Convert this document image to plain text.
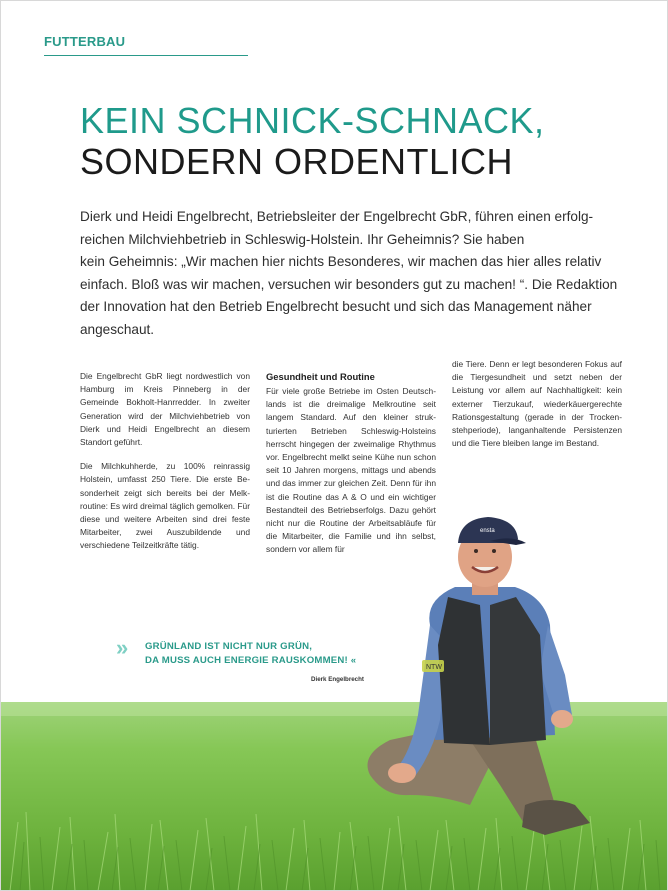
FUTTERBAU
KEIN SCHNICK-SCHNACK,
SONDERN ORDENTLICH

Dierk und Heidi Engelbrecht, Betriebsleiter der Engelbrecht GbR, führen einen erfolgreichen Milchviehbetrieb in Schleswig-Holstein. Ihr Geheimnis? Sie haben kein Geheimnis: „Wir machen hier nichts Besonderes, wir machen das hier alles relativ einfach. Bloß was wir machen, versuchen wir besonders gut zu machen! “. Die Redaktion der Innovation hat den Betrieb Engelbrecht besucht und sich das Management näher angeschaut.

Die Engelbrecht GbR liegt nordwestlich von Hamburg im Kreis Pinneberg in der Gemeinde Bokholt-Hanrredder. In zweiter Generation wird der Milchviehbetrieb von Dierk und Heidi Engelbrecht an diesem Standort geführt.

Die Milchkuhherde, zu 100% reinrassig Holstein, umfasst 250 Tiere. Die erste Besonderheit zeigt sich bereits bei der Melkroutine: Es wird dreimal täglich gemolken. Für diese und weitere Arbeiten sind drei feste Mitarbeiter, zwei Auszubildende und verschiedene Teilzeitkräfte tätig.

Gesundheit und Routine

Für viele große Betriebe im Osten Deutschlands ist die dreimalige Melkroutine seit langem Standard. Auf den kleiner strukturierten Betrieben Schleswig-Holsteins herrscht hingegen der zweimalige Rhythmus vor. Engelbrecht melkt seine Kühe nun schon seit 10 Jahren morgens, mittags und abends und das immer zur gleichen Zeit. Denn für ihn ist die Routine das A & O und ein wichtiger Bestandteil des Betriebserfolgs. Dazu gehört nicht nur die Routine der Arbeitsabläufe für die Mitarbeiter, die Familie und ihn selbst, sondern vor allem für

die Tiere. Denn er legt besonderen Fokus auf die Tiergesundheit und setzt neben der Leistung vor allem auf Nachhaltigkeit: kein externer Tierzukauf, wiederkäuergerechte Rationsgestaltung (gerade in der Trockenstehperiode), langanhaltende Persistenzen und die Tiere bleiben lange im Bestand.

NTW
ensta
» GRÜNLAND IST NICHT NUR GRÜN,
DA MUSS AUCH ENERGIE RAUSKOMMEN! «
Dierk Engelbrecht
